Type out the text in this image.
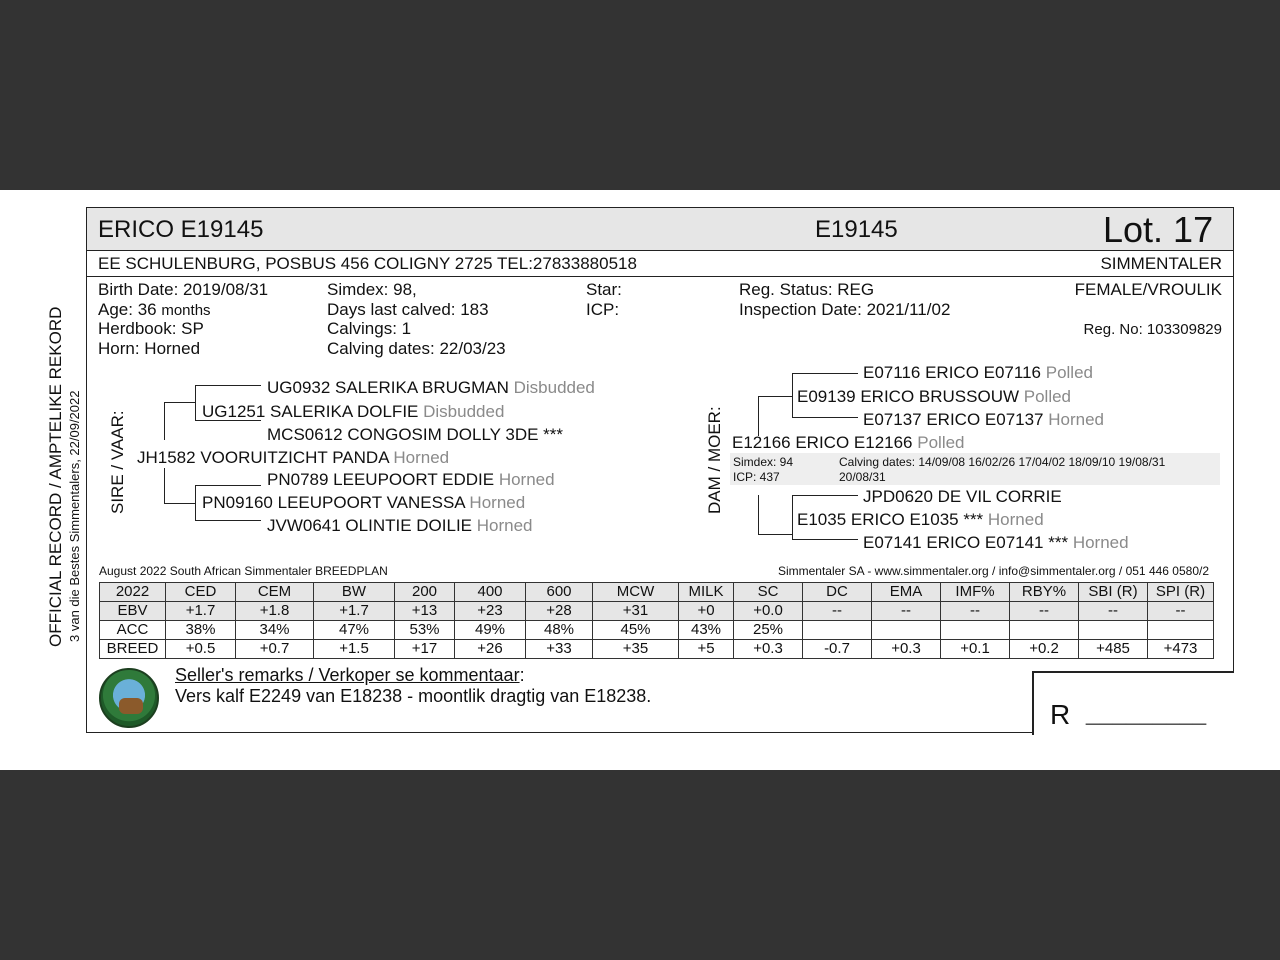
OFFICIAL RECORD / AMPTELIKE REKORD 3 van die Bestes Simmentalers, 22/09/2022
ERICO E19145	E19145	Lot. 17
EE SCHULENBURG, POSBUS 456 COLIGNY 2725 TEL:27833880518	SIMMENTALER
Birth Date: 2019/08/31
Age: 36 months
Herdbook: SP
Horn: Horned
Simdex: 98,
Days last calved: 183
Calvings: 1
Calving dates: 22/03/23
Star:
ICP:
Reg. Status: REG
Inspection Date: 2021/11/02
FEMALE/VROULIK
Reg. No: 103309829
SIRE / VAAR:
UG0932 SALERIKA BRUGMAN Disbudded
UG1251 SALERIKA DOLFIE Disbudded
MCS0612 CONGOSIM DOLLY 3DE ***
JH1582 VOORUITZICHT PANDA Horned
PN0789 LEEUPOORT EDDIE Horned
PN09160 LEEUPOORT VANESSA Horned
JVW0641 OLINTIE DOILIE Horned
DAM / MOER:
E07116 ERICO E07116 Polled
E09139 ERICO BRUSSOUW Polled
E07137 ERICO E07137 Horned
E12166 ERICO E12166 Polled
Simdex: 94
ICP: 437
Calving dates: 14/09/08 16/02/26 17/04/02 18/09/10 19/08/31
20/08/31
JPD0620 DE VIL CORRIE
E1035 ERICO E1035 *** Horned
E07141 ERICO E07141 *** Horned
August 2022 South African Simmentaler BREEDPLAN	Simmentaler SA - www.simmentaler.org / info@simmentaler.org / 051 446 0580/2
2022	CED	CEM	BW	200	400	600	MCW	MILK	SC	DC	EMA	IMF%	RBY%	SBI (R)	SPI (R)
EBV	+1.7	+1.8	+1.7	+13	+23	+28	+31	+0	+0.0	--	--	--	--	--	--
ACC	38%	34%	47%	53%	49%	48%	45%	43%	25%						
BREED	+0.5	+0.7	+1.5	+17	+26	+33	+35	+5	+0.3	-0.7	+0.3	+0.1	+0.2	+485	+473
Seller's remarks / Verkoper se kommentaar:
Vers kalf E2249 van E18238 - moontlik dragtig van E18238.
R _________
